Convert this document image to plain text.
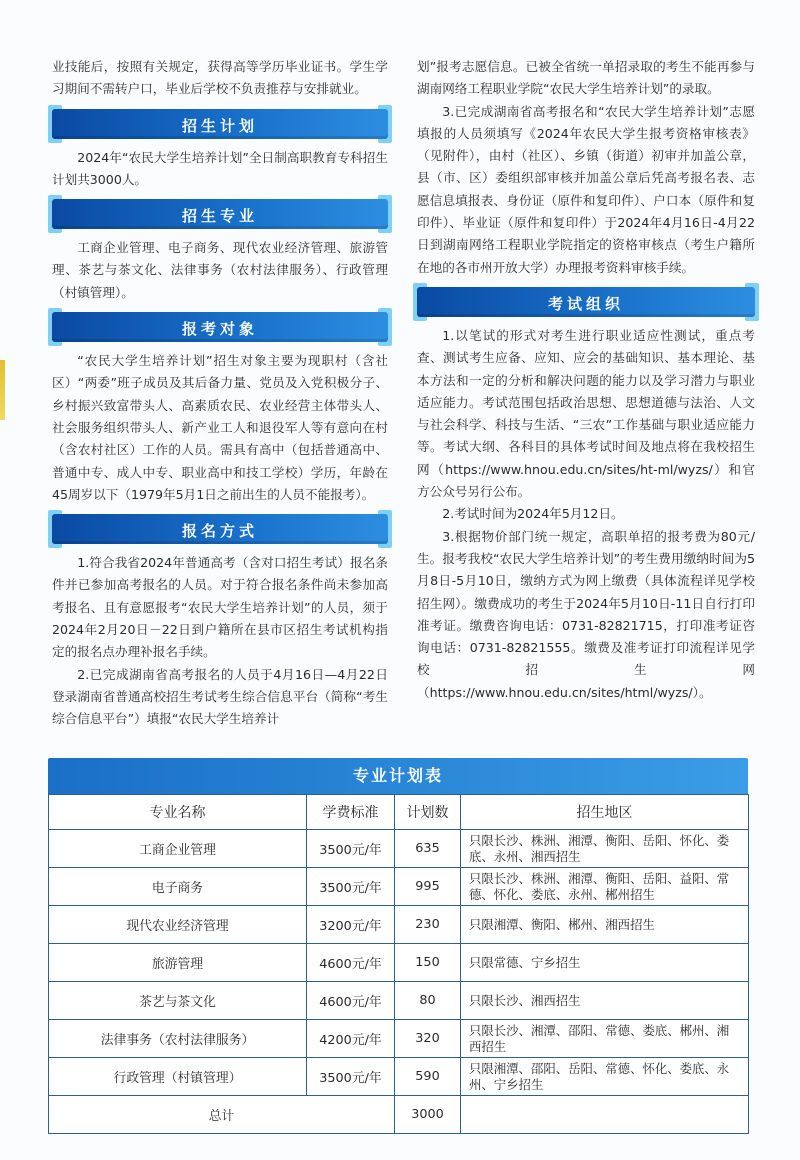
业技能后，按照有关规定，获得高等学历毕业证书。学生学习期间不需转户口，毕业后学校不负责推荐与安排就业。

招生计划

2024年“农民大学生培养计划”全日制高职教育专科招生计划共3000人。

招生专业

工商企业管理、电子商务、现代农业经济管理、旅游管理、茶艺与茶文化、法律事务（农村法律服务）、行政管理（村镇管理）。

报考对象

“农民大学生培养计划”招生对象主要为现职村（含社区）“两委”班子成员及其后备力量、党员及入党积极分子、乡村振兴致富带头人、高素质农民、农业经营主体带头人、社会服务组织带头人、新产业工人和退役军人等有意向在村（含农村社区）工作的人员。需具有高中（包括普通高中、普通中专、成人中专、职业高中和技工学校）学历，年龄在45周岁以下（1979年5月1日之前出生的人员不能报考）。

报名方式

1.符合我省2024年普通高考（含对口招生考试）报名条件并已参加高考报名的人员。对于符合报名条件尚未参加高考报名、且有意愿报考“农民大学生培养计划”的人员，须于2024年2月20日－22日到户籍所在县市区招生考试机构指定的报名点办理补报名手续。

2.已完成湖南省高考报名的人员于4月16日—4月22日登录湖南省普通高校招生考试考生综合信息平台（简称“考生综合信息平台”）填报“农民大学生培养计

划”报考志愿信息。已被全省统一单招录取的考生不能再参与湖南网络工程职业学院“农民大学生培养计划”的录取。

3.已完成湖南省高考报名和“农民大学生培养计划”志愿填报的人员须填写《2024年农民大学生报考资格审核表》（见附件），由村（社区）、乡镇（街道）初审并加盖公章，县（市、区）委组织部审核并加盖公章后凭高考报名表、志愿信息填报表、身份证（原件和复印件）、户口本（原件和复印件）、毕业证（原件和复印件）于2024年4月16日-4月22日到湖南网络工程职业学院指定的资格审核点（考生户籍所在地的各市州开放大学）办理报考资料审核手续。

考试组织

1.以笔试的形式对考生进行职业适应性测试，重点考查、测试考生应备、应知、应会的基础知识、基本理论、基本方法和一定的分析和解决问题的能力以及学习潜力与职业适应能力。考试范围包括政治思想、思想道德与法治、人文与社会科学、科技与生活、“三农”工作基础与职业适应能力等。考试大纲、各科目的具体考试时间及地点将在我校招生网（https://www.hnou.edu.cn/sites/ht-ml/wyzs/）和官方公众号另行公布。

2.考试时间为2024年5月12日。

3.根据物价部门统一规定，高职单招的报考费为80元/生。报考我校“农民大学生培养计划”的考生费用缴纳时间为5月8日-5月10日，缴纳方式为网上缴费（具体流程详见学校招生网）。缴费成功的考生于2024年5月10日-11日自行打印准考证。缴费咨询电话：0731-82821715，打印准考证咨询电话：0731-82821555。缴费及准考证打印流程详见学校招生网（https://www.hnou.edu.cn/sites/html/wyzs/）。

专业计划表
专业名称	学费标准	计划数	招生地区
工商企业管理	3500元/年	635	只限长沙、株洲、湘潭、衡阳、岳阳、怀化、娄底、永州、湘西招生
电子商务	3500元/年	995	只限长沙、株洲、湘潭、衡阳、岳阳、益阳、常德、怀化、娄底、永州、郴州招生
现代农业经济管理	3200元/年	230	只限湘潭、衡阳、郴州、湘西招生
旅游管理	4600元/年	150	只限常德、宁乡招生
茶艺与茶文化	4600元/年	80	只限长沙、湘西招生
法律事务（农村法律服务）	4200元/年	320	只限长沙、湘潭、邵阳、常德、娄底、郴州、湘西招生
行政管理（村镇管理）	3500元/年	590	只限湘潭、邵阳、岳阳、常德、怀化、娄底、永州、宁乡招生
总计		3000	
